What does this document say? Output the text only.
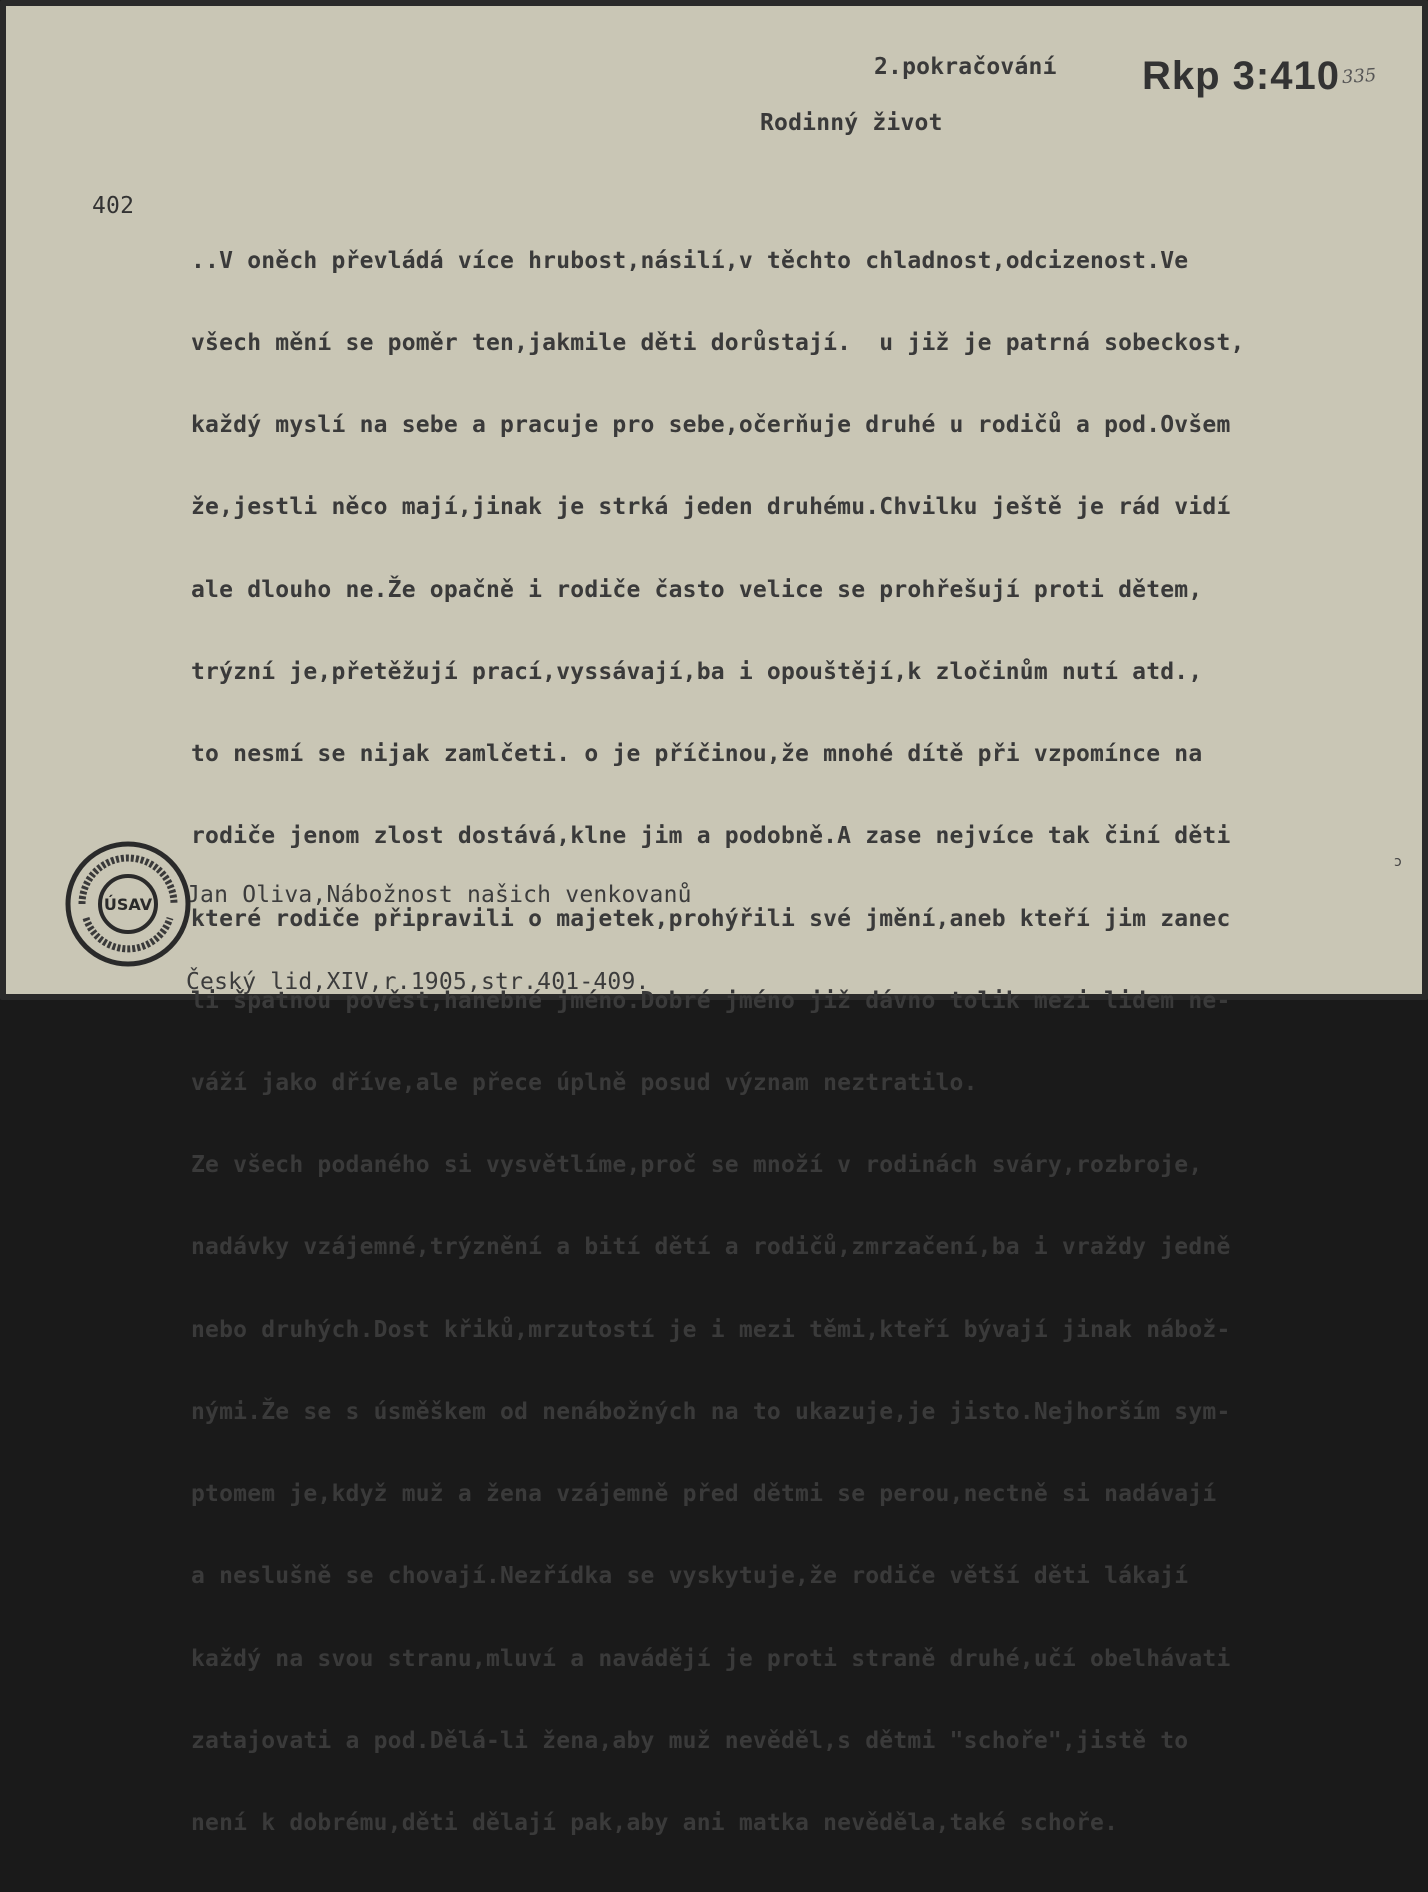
2.pokračování Rkp 3:410 335
Rodinný život
402

..V oněch převládá více hrubost,násilí,v těchto chladnost,odcizenost.Ve

všech mění se poměr ten,jakmile děti dorůstají.  u již je patrná sobeckost,

každý myslí na sebe a pracuje pro sebe,očerňuje druhé u rodičů a pod.Ovšem

že,jestli něco mají,jinak je strká jeden druhému.Chvilku ještě je rád vidí

ale dlouho ne.Že opačně i rodiče často velice se prohřešují proti dětem,

trýzní je,přetěžují prací,vyssávají,ba i opouštějí,k zločinům nutí atd.,

to nesmí se nijak zamlčeti. o je příčinou,že mnohé dítě při vzpomínce na

rodiče jenom zlost dostává,klne jim a podobně.A zase nejvíce tak činí děti

které rodiče připravili o majetek,prohýřili své jmění,aneb kteří jim zanec

li špatnou pověst,hanebné jméno.Dobré jméno již dávno tolik mezi lidem ne-

váží jako dříve,ale přece úplně posud význam neztratilo.

Ze všech podaného si vysvětlíme,proč se množí v rodinách sváry,rozbroje,

nadávky vzájemné,trýznění a bití dětí a rodičů,zmrzačení,ba i vraždy jedně

nebo druhých.Dost křiků,mrzutostí je i mezi těmi,kteří bývají jinak nábož-

nými.Že se s úsměškem od nenábožných na to ukazuje,je jisto.Nejhorším sym-

ptomem je,když muž a žena vzájemně před dětmi se perou,nectně si nadávají

a neslušně se chovají.Nezřídka se vyskytuje,že rodiče větší děti lákají

každý na svou stranu,mluví a navádějí je proti straně druhé,učí obelhávati

zatajovati a pod.Dělá-li žena,aby muž nevěděl,s dětmi "schoře",jistě to

není k dobrému,děti dělají pak,aby ani matka nevěděla,také schoře.

Jan Oliva,Nábožnost našich venkovanů

Český lid,XIV,r.1905,str.401-409.

ÚSAV
ɔ
